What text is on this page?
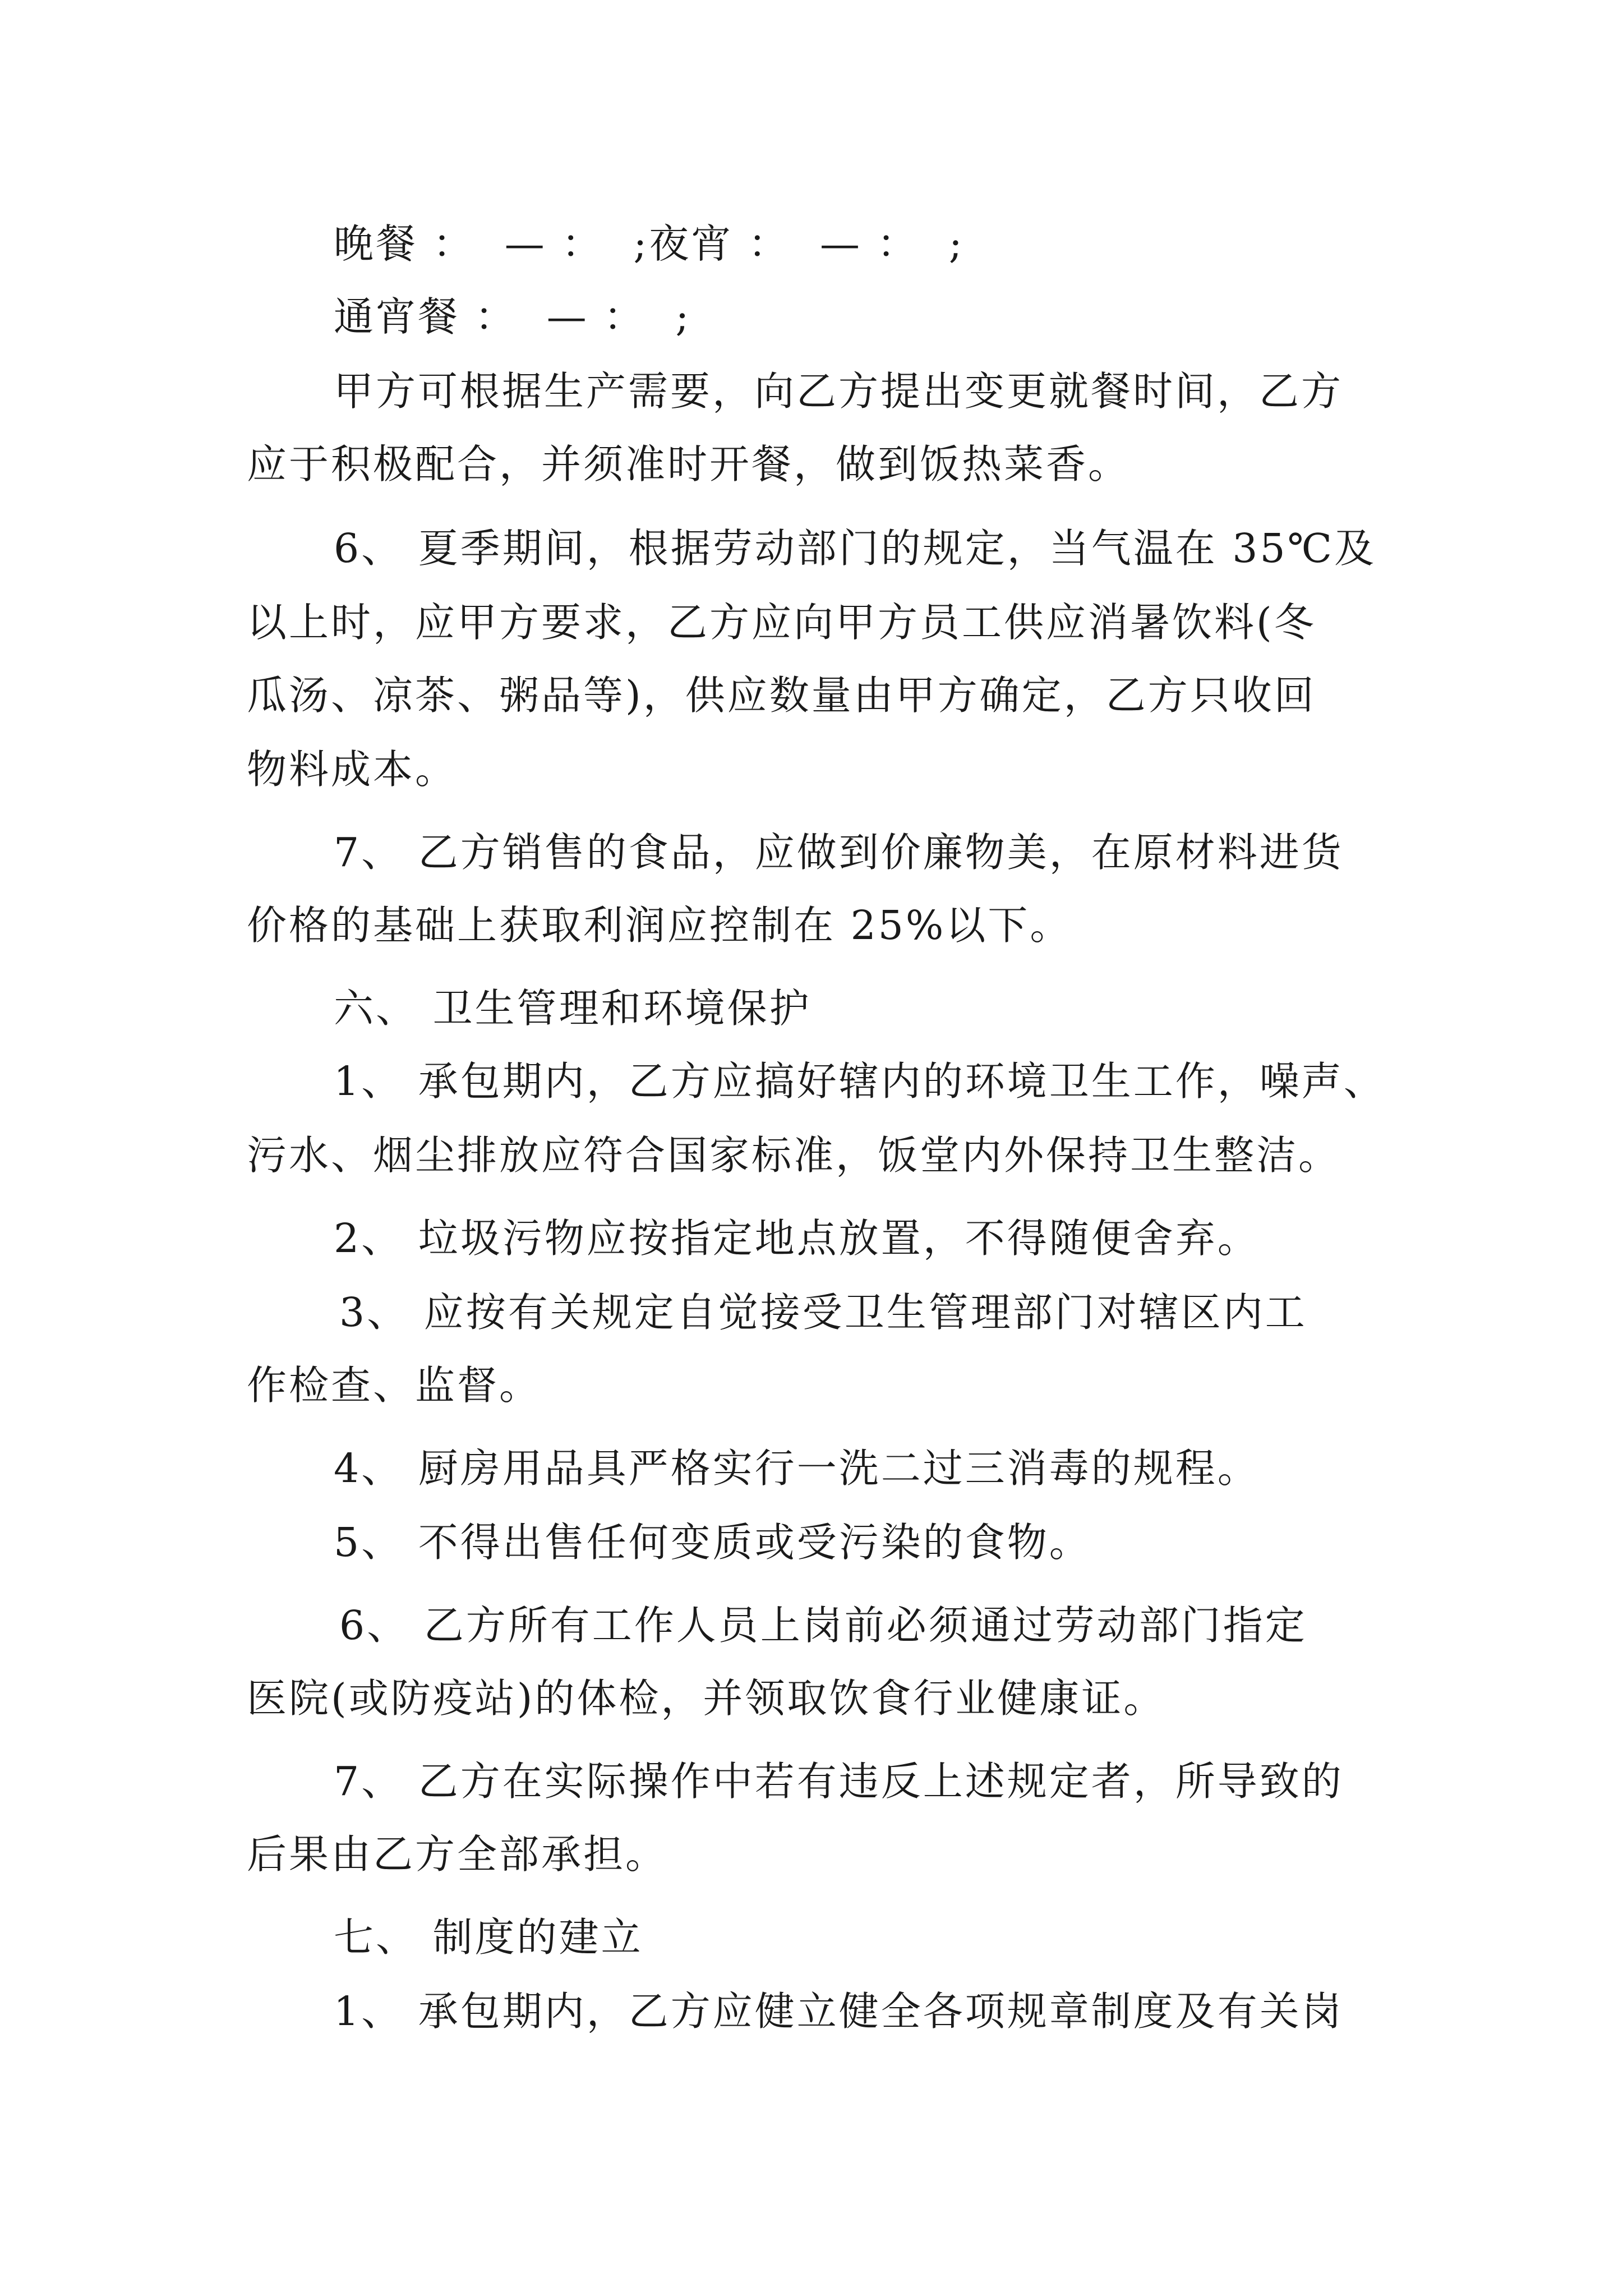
晚餐 ：  — ：  ;夜宵 ：  — ：  ;
通宵餐 ：  — ：  ;
甲方可根据生产需要，向乙方提出变更就餐时间，乙方
应于积极配合，并须准时开餐，做到饭热菜香。
6、 夏季期间，根据劳动部门的规定，当气温在 35℃及
以上时，应甲方要求，乙方应向甲方员工供应消暑饮料(冬
瓜汤、凉茶、粥品等)，供应数量由甲方确定，乙方只收回
物料成本。
7、 乙方销售的食品，应做到价廉物美，在原材料进货
价格的基础上获取利润应控制在 25%以下。
六、 卫生管理和环境保护
1、 承包期内，乙方应搞好辖内的环境卫生工作，噪声、
污水、烟尘排放应符合国家标准，饭堂内外保持卫生整洁。
2、 垃圾污物应按指定地点放置，不得随便舍弃。
3、 应按有关规定自觉接受卫生管理部门对辖区内工
作检查、监督。
4、 厨房用品具严格实行一洗二过三消毒的规程。
5、 不得出售任何变质或受污染的食物。
6、 乙方所有工作人员上岗前必须通过劳动部门指定
医院(或防疫站)的体检，并领取饮食行业健康证。
7、 乙方在实际操作中若有违反上述规定者，所导致的
后果由乙方全部承担。
七、 制度的建立
1、 承包期内，乙方应健立健全各项规章制度及有关岗
